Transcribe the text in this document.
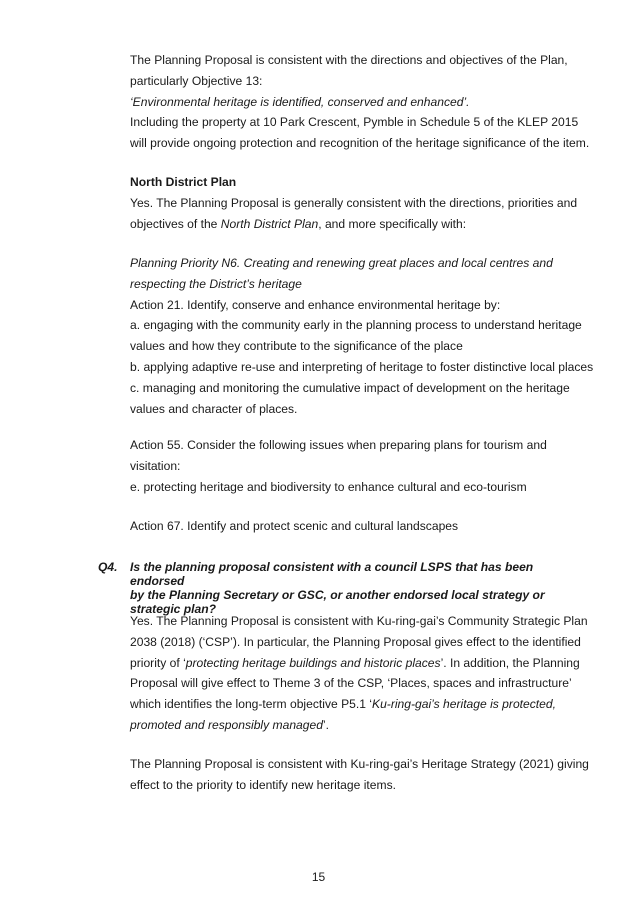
The Planning Proposal is consistent with the directions and objectives of the Plan,

particularly Objective 13:

‘Environmental heritage is identified, conserved and enhanced’.

Including the property at 10 Park Crescent, Pymble in Schedule 5 of the KLEP 2015

will provide ongoing protection and recognition of the heritage significance of the item.

North District Plan

Yes. The Planning Proposal is generally consistent with the directions, priorities and

objectives of the North District Plan, and more specifically with:

Planning Priority N6. Creating and renewing great places and local centres and

respecting the District’s heritage

Action 21. Identify, conserve and enhance environmental heritage by:

a. engaging with the community early in the planning process to understand heritage

values and how they contribute to the significance of the place

b. applying adaptive re-use and interpreting of heritage to foster distinctive local places

c. managing and monitoring the cumulative impact of development on the heritage

values and character of places.

Action 55. Consider the following issues when preparing plans for tourism and

visitation:

e. protecting heritage and biodiversity to enhance cultural and eco-tourism

Action 67. Identify and protect scenic and cultural landscapes

Q4. Is the planning proposal consistent with a council LSPS that has been endorsed
by the Planning Secretary or GSC, or another endorsed local strategy or
strategic plan?

Yes. The Planning Proposal is consistent with Ku-ring-gai’s Community Strategic Plan

2038 (2018) (‘CSP’). In particular, the Planning Proposal gives effect to the identified

priority of ‘protecting heritage buildings and historic places’. In addition, the Planning

Proposal will give effect to Theme 3 of the CSP, ‘Places, spaces and infrastructure’

which identifies the long-term objective P5.1 ‘Ku-ring-gai’s heritage is protected,

promoted and responsibly managed’.

The Planning Proposal is consistent with Ku-ring-gai’s Heritage Strategy (2021) giving

effect to the priority to identify new heritage items.

15
